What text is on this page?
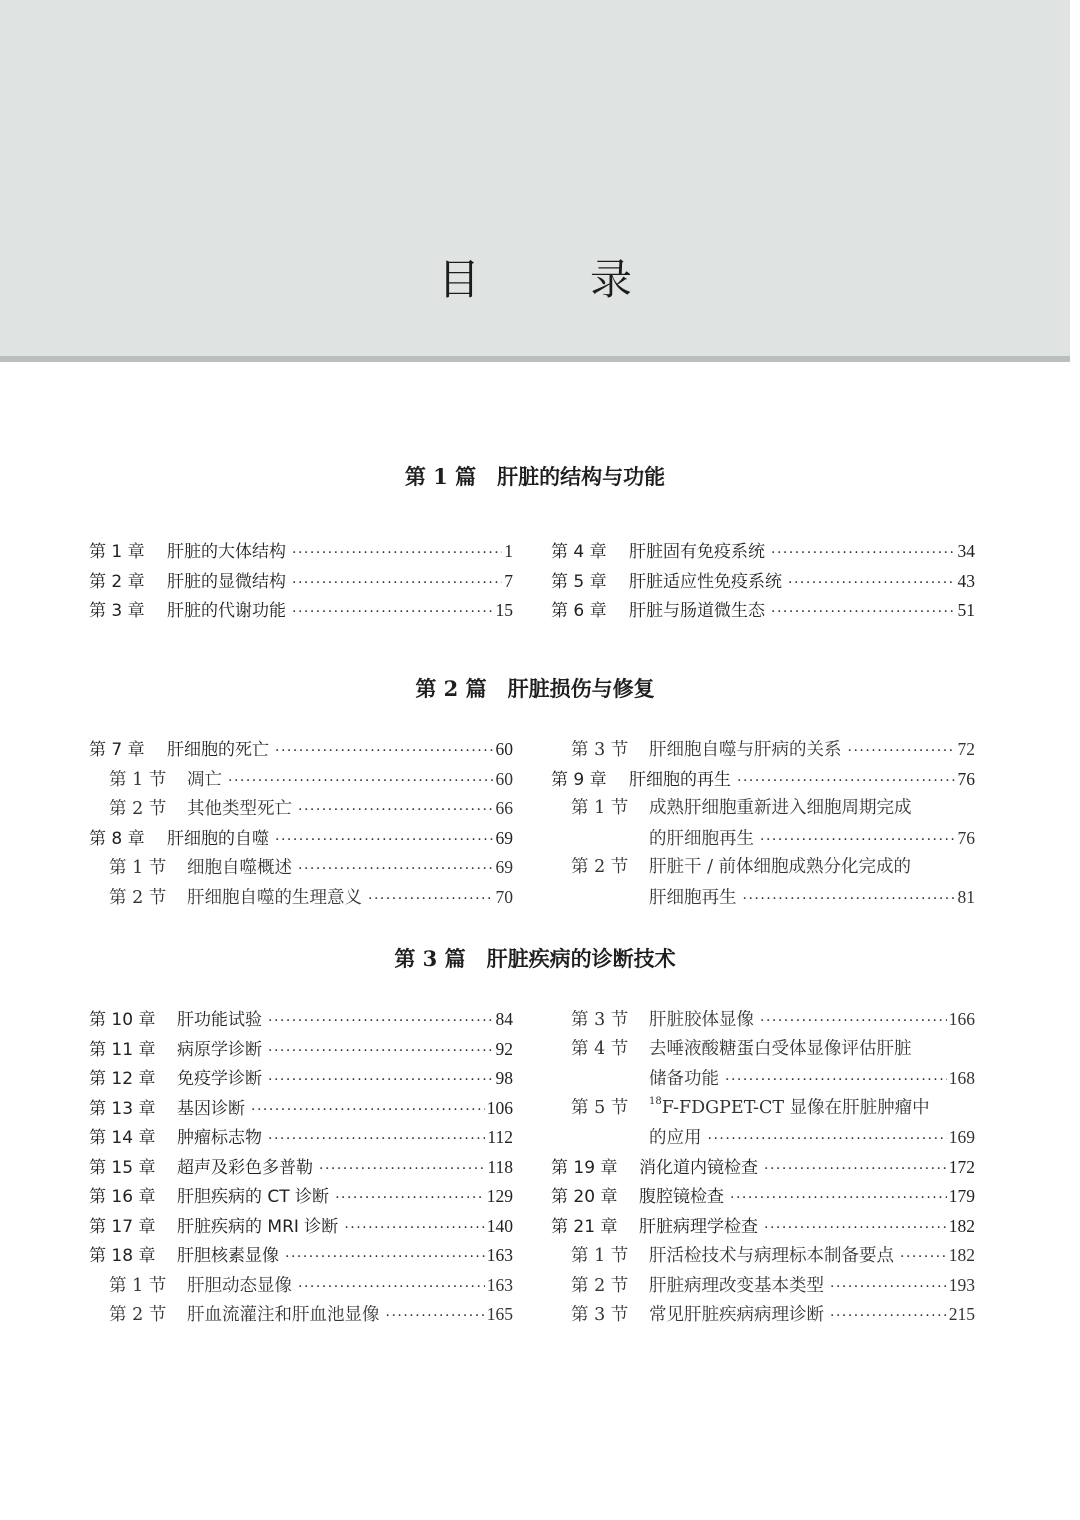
目	录
第 1 篇　肝脏的结构与功能
第 2 篇　肝脏损伤与修复
第 3 篇　肝脏疾病的诊断技术
第 1 章	肝脏的大体结构 ·····	1
第 2 章	肝脏的显微结构 ·····	7
第 3 章	肝脏的代谢功能 ·····	15
第 4 章	肝脏固有免疫系统 ·····	34
第 5 章	肝脏适应性免疫系统 ·····	43
第 6 章	肝脏与肠道微生态 ·····	51
第 7 章	肝细胞的死亡 ·····	60
第 1 节	凋亡 ·····	60
第 2 节	其他类型死亡 ·····	66
第 8 章	肝细胞的自噬 ·····	69
第 1 节	细胞自噬概述 ·····	69
第 2 节	肝细胞自噬的生理意义 ·····	70
第 3 节	肝细胞自噬与肝病的关系 ·····	72
第 9 章	肝细胞的再生 ·····	76
第 1 节	成熟肝细胞重新进入细胞周期完成
的肝细胞再生 ·····	76
第 2 节	肝脏干 / 前体细胞成熟分化完成的
肝细胞再生 ·····	81
第 10 章	肝功能试验 ·····	84
第 11 章	病原学诊断 ·····	92
第 12 章	免疫学诊断 ·····	98
第 13 章	基因诊断 ·····	106
第 14 章	肿瘤标志物 ·····	112
第 15 章	超声及彩色多普勒 ·····	118
第 16 章	肝胆疾病的 CT 诊断 ·····	129
第 17 章	肝脏疾病的 MRI 诊断 ·····	140
第 18 章	肝胆核素显像 ·····	163
第 1 节	肝胆动态显像 ·····	163
第 2 节	肝血流灌注和肝血池显像 ·····	165
第 3 节	肝脏胶体显像 ·····	166
第 4 节	去唾液酸糖蛋白受体显像评估肝脏
储备功能 ·····	168
第 5 节	$^{18}$F-FDGPET-CT 显像在肝脏肿瘤中
的应用 ·····	169
第 19 章	消化道内镜检查 ·····	172
第 20 章	腹腔镜检查 ·····	179
第 21 章	肝脏病理学检查 ·····	182
第 1 节	肝活检技术与病理标本制备要点 ·····	182
第 2 节	肝脏病理改变基本类型 ·····	193
第 3 节	常见肝脏疾病病理诊断 ·····	215
